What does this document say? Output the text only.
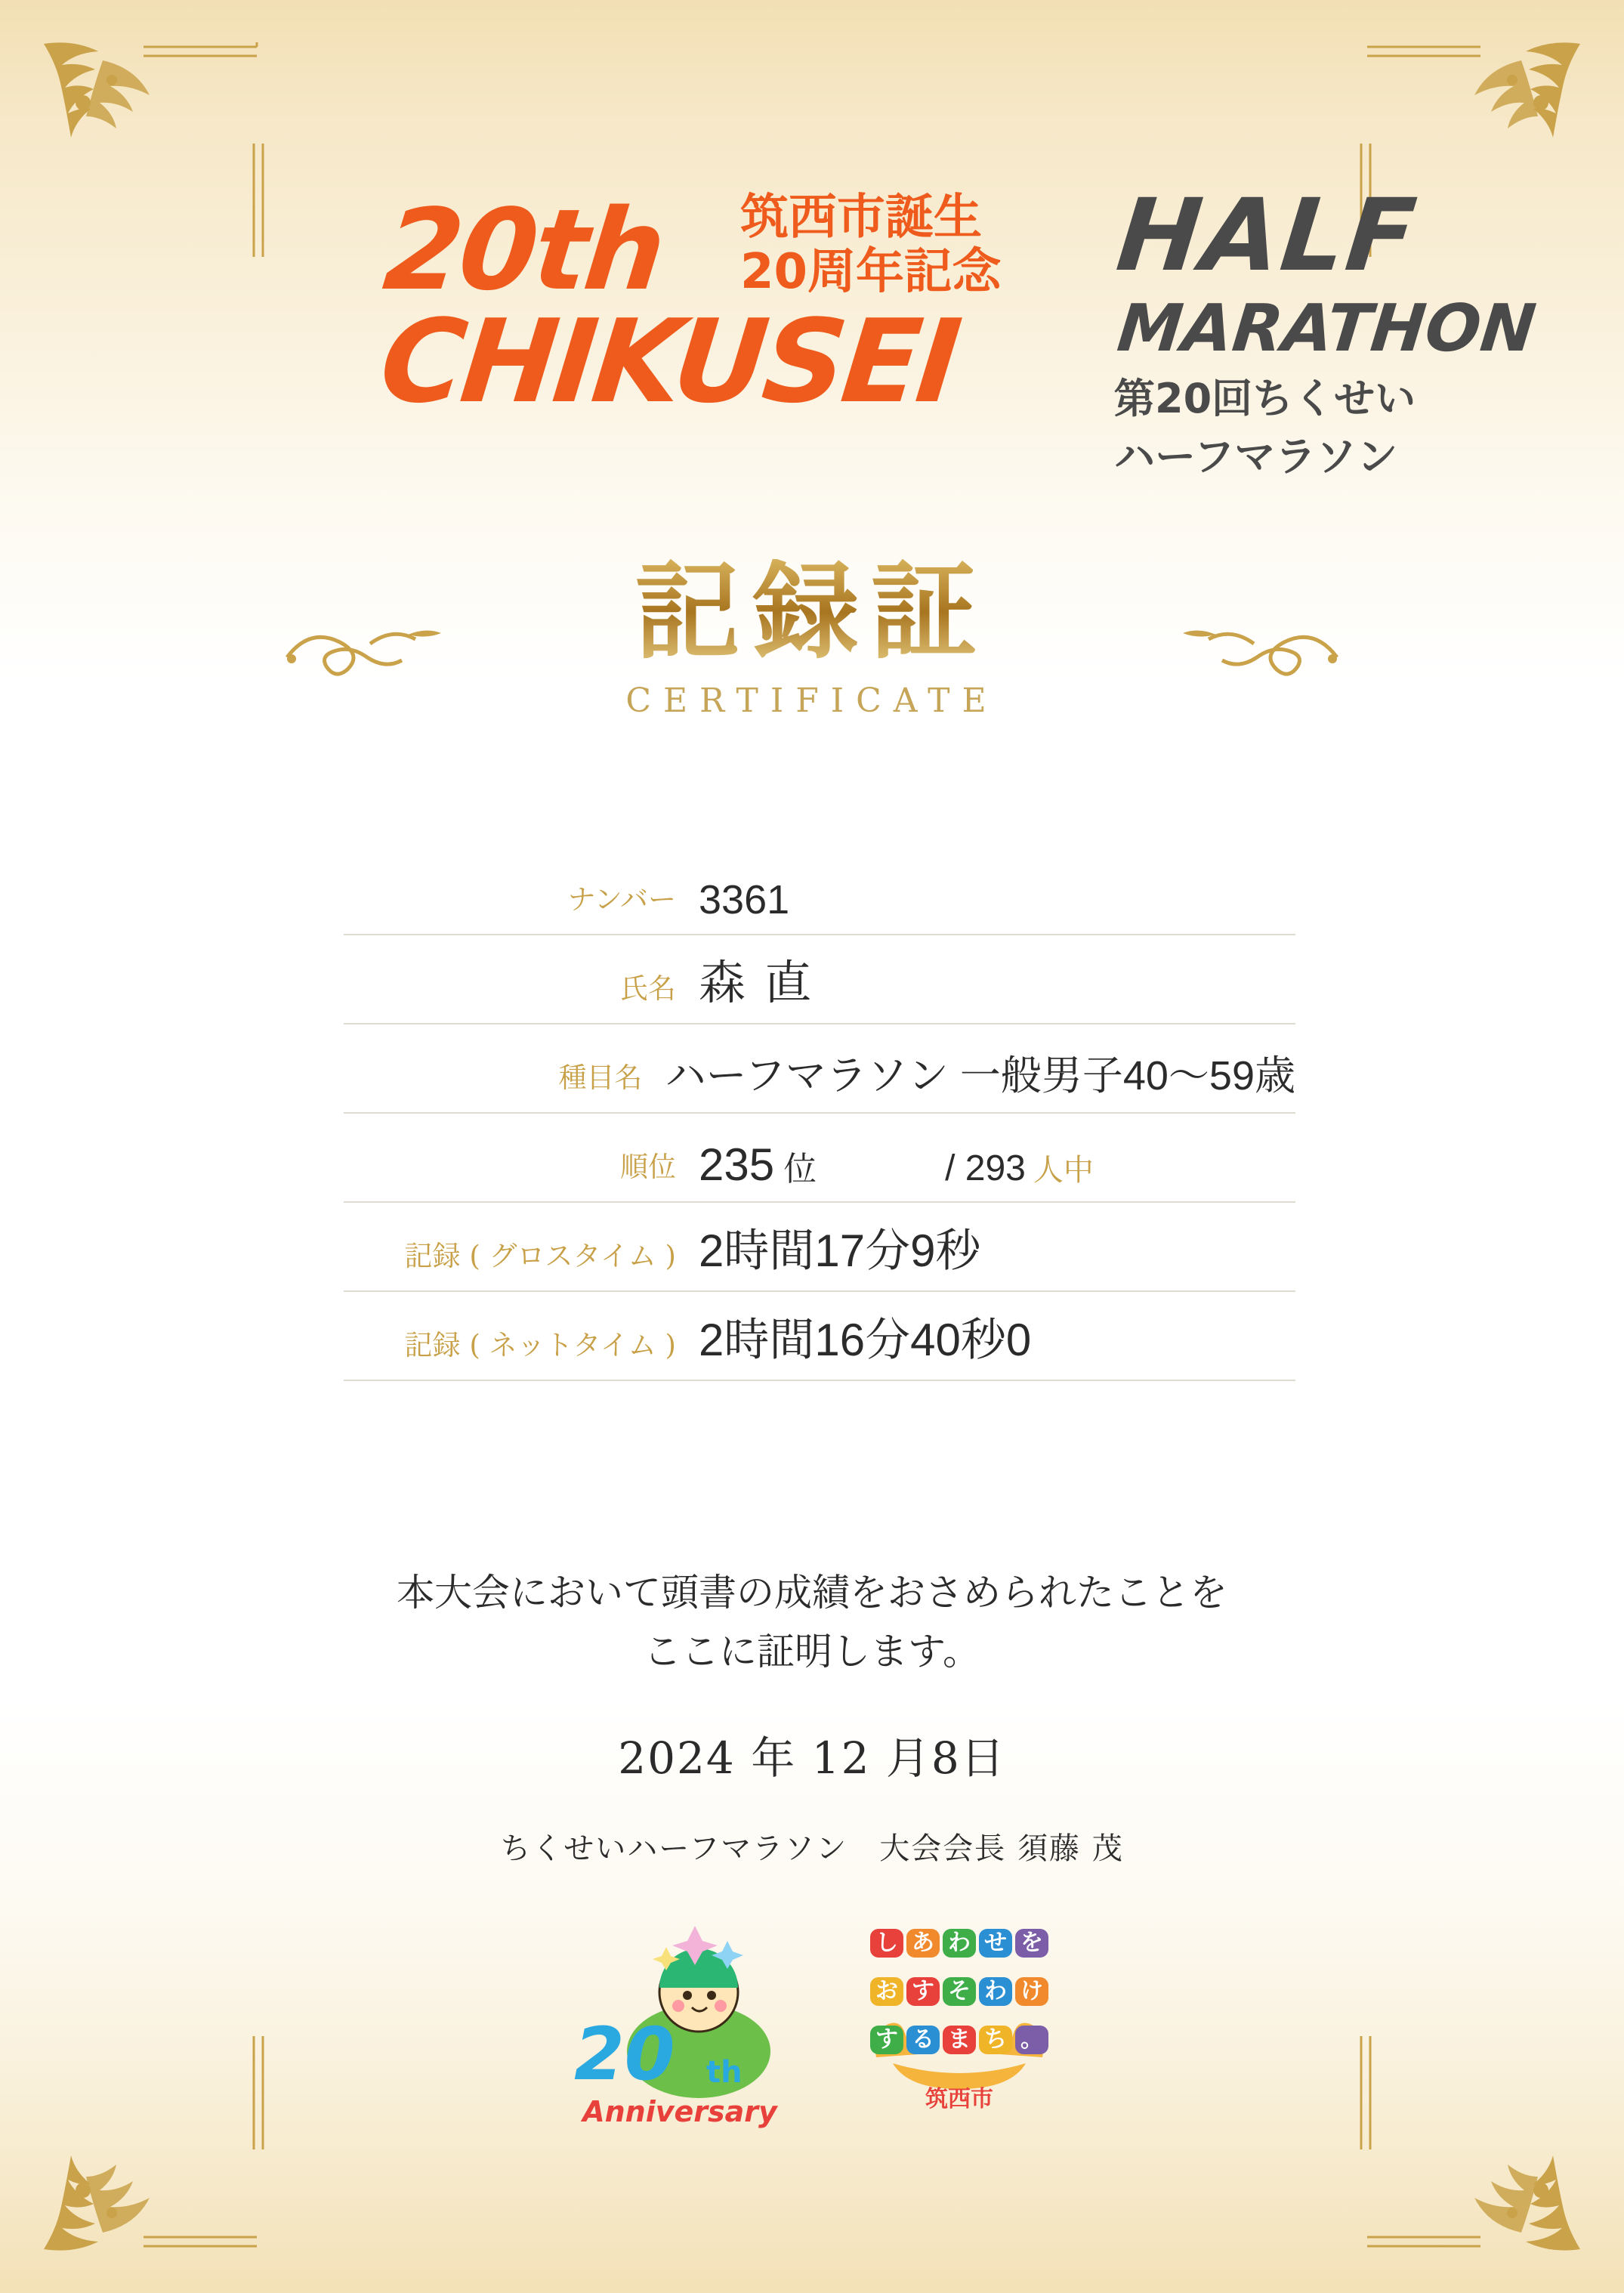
20th
CHIKUSEI
筑西市誕生
20周年記念 HALF
MARATHON
第20回ちくせいハーフマラソン
記録証
CERTIFICATE
ナンバー 3361
氏名 森 直
種目名 ハーフマラソン 一般男子40〜59歳
順位 235 位	/ 293 人中
記録 ( グロスタイム ) 2時間17分9秒
記録 ( ネットタイム ) 2時間16分40秒0
本大会において頭書の成績をおさめられたことを
ここに証明します。
2024 年 12 月8日
ちくせいハーフマラソン　大会会長 須藤 茂
20 th
Anniversary
し あ わ せ を
お す そ わ け
す る ま ち 。
筑西市
